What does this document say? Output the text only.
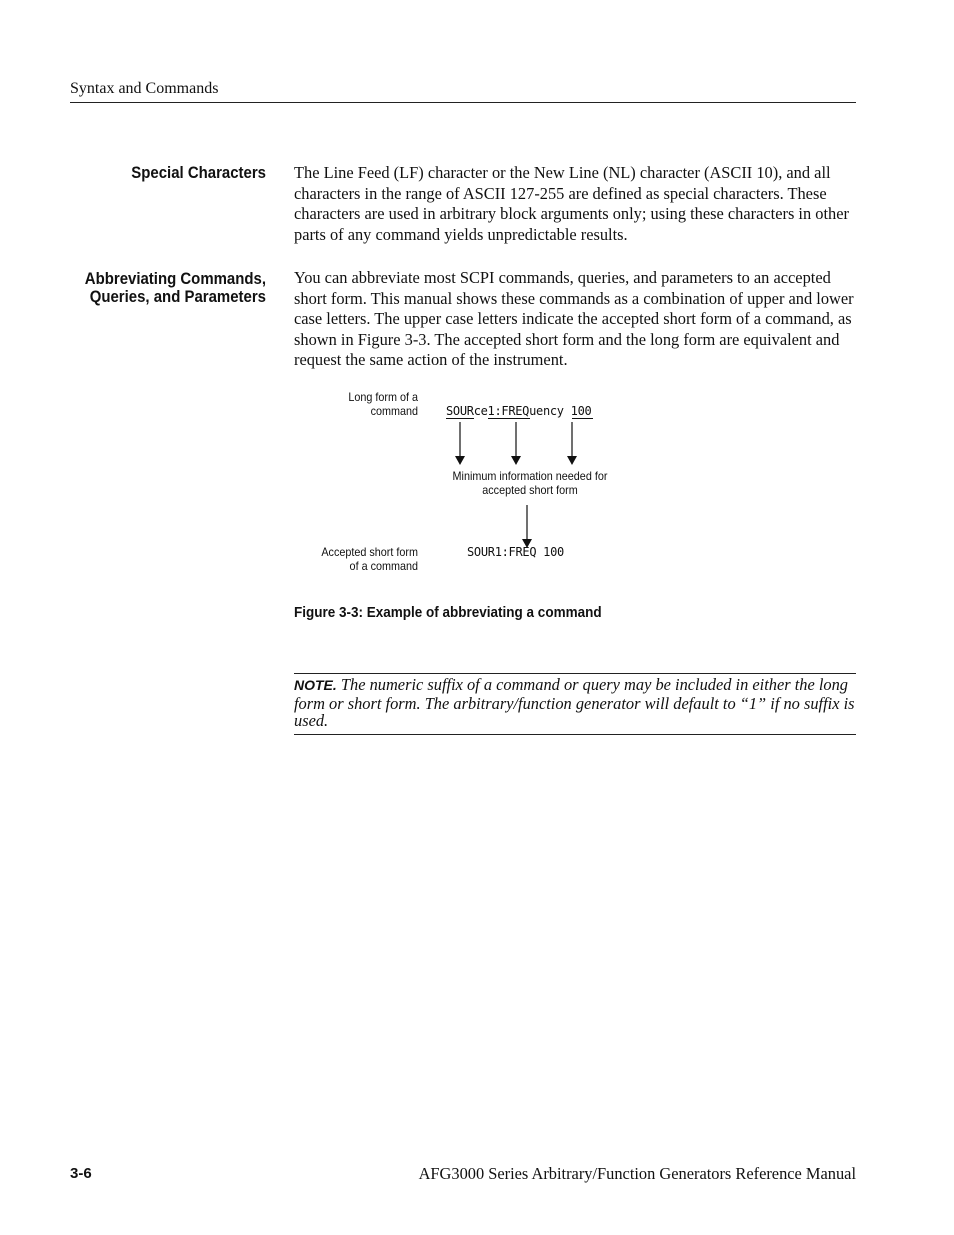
Syntax and Commands
Special Characters The Line Feed (LF) character or the New Line (NL) character (ASCII 10), and all characters in the range of ASCII 127-255 are defined as special characters. These characters are used in arbitrary block arguments only; using these characters in other parts of any command yields unpredictable results.
Abbreviating Commands,
Queries, and Parameters
You can abbreviate most SCPI commands, queries, and parameters to an accepted short form. This manual shows these commands as a combination of upper and lower case letters. The upper case letters indicate the accepted short form of a command, as shown in Figure 3-3. The accepted short form and the long form are equivalent and request the same action of the instrument.
Long form of a
command SOURce1:FREQuency 100
Minimum information needed for
accepted short form
Accepted short form
of a command
SOUR1:FREQ 100
Figure 3-3: Example of abbreviating a command
NOTE. The numeric suffix of a command or query may be included in either the long form or short form. The arbitrary/function generator will default to “1” if no suffix is used.
3-6	AFG3000 Series Arbitrary/Function Generators Reference Manual
